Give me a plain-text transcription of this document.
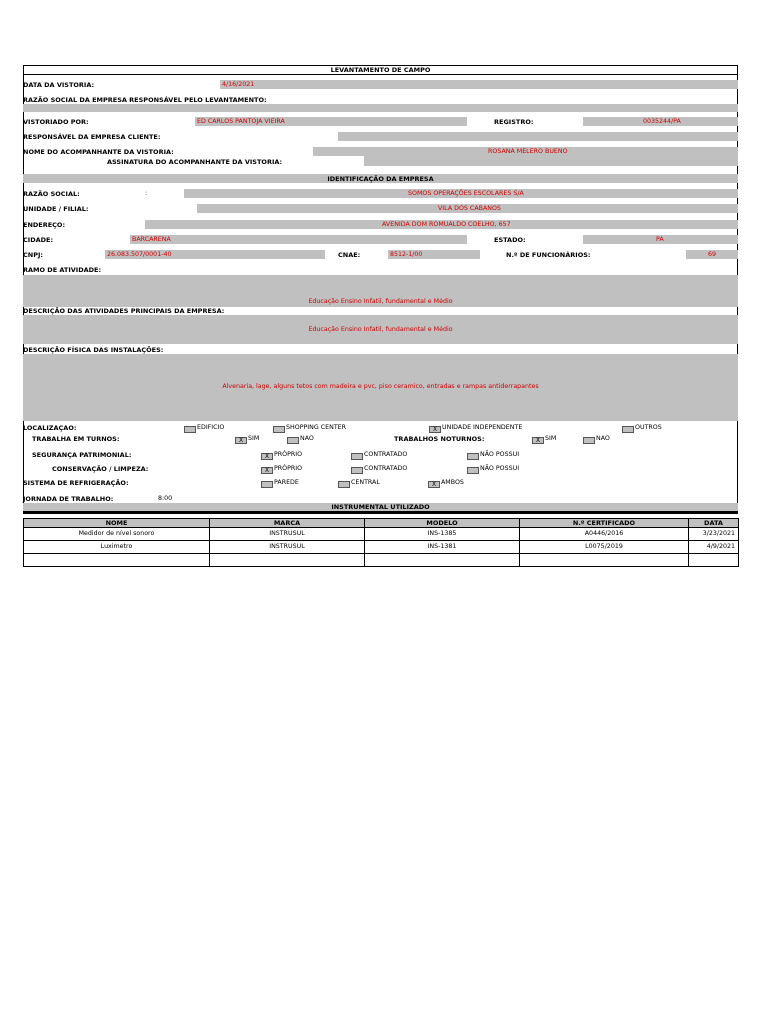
LEVANTAMENTO DE CAMPO
DATA DA VISTORIA:	4/16/2021
RAZÃO SOCIAL DA EMPRESA RESPONSÁVEL PELO LEVANTAMENTO:
VISTORIADO POR:	ED CARLOS PANTOJA VIEIRA	REGISTRO:	0035244/PA
RESPONSÁVEL DA EMPRESA CLIENTE:
NOME DO ACOMPANHANTE DA VISTORIA:	ROSANA MELERO BUENO
ASSINATURA DO ACOMPANHANTE DA VISTORIA:
IDENTIFICAÇÃO DA EMPRESA
RAZÃO SOCIAL:	:	SOMOS OPERAÇÕES ESCOLARES S/A
UNIDADE / FILIAL:	VILA DOS CABANOS
ENDEREÇO:	AVENIDA DOM ROMUALDO COELHO, 657
CIDADE:	BARCARENA	ESTADO:	PA
CNPJ:	26.083.507/0001-40	CNAE:	8512-1/00	N.º DE FUNCIONÁRIOS:	69
RAMO DE ATIVIDADE:
Educação Ensino Infatil, fundamental e Médio
DESCRIÇÃO DAS ATIVIDADES PRINCIPAIS DA EMPRESA:
Educação Ensino Infatil, fundamental e Médio
DESCRIÇÃO FÍSICA DAS INSTALAÇÕES:
Alvenaria, lage, alguns tetos com madeira e pvc, piso ceramico, entradas e rampas antiderrapantes
LOCALIZAÇAO:	EDIFICIO	SHOPPING CENTER	X UNIDADE INDEPENDENTE	OUTROS
TRABALHA EM TURNOS:	X SIM	NAO	TRABALHOS NOTURNOS:	X SIM	NAO
SEGURANÇA PATRIMONIAL:	X PRÓPRIO	CONTRATADO	NÃO POSSUI
CONSERVAÇÃO / LIMPEZA:	X PRÓPRIO	CONTRATADO	NÃO POSSUI
SISTEMA DE REFRIGERAÇÃO:	PAREDE	CENTRAL	X AMBOS
JORNADA DE TRABALHO:	8:00
INSTRUMENTAL UTILIZADO
NOME	MARCA	MODELO	N.º CERTIFICADO	DATA
Medidor de nível sonoro	INSTRUSUL	INS-1385	A0446/2016	3/23/2021
Luximetro	INSTRUSUL	INS-1381	L0075/2019	4/9/2021
